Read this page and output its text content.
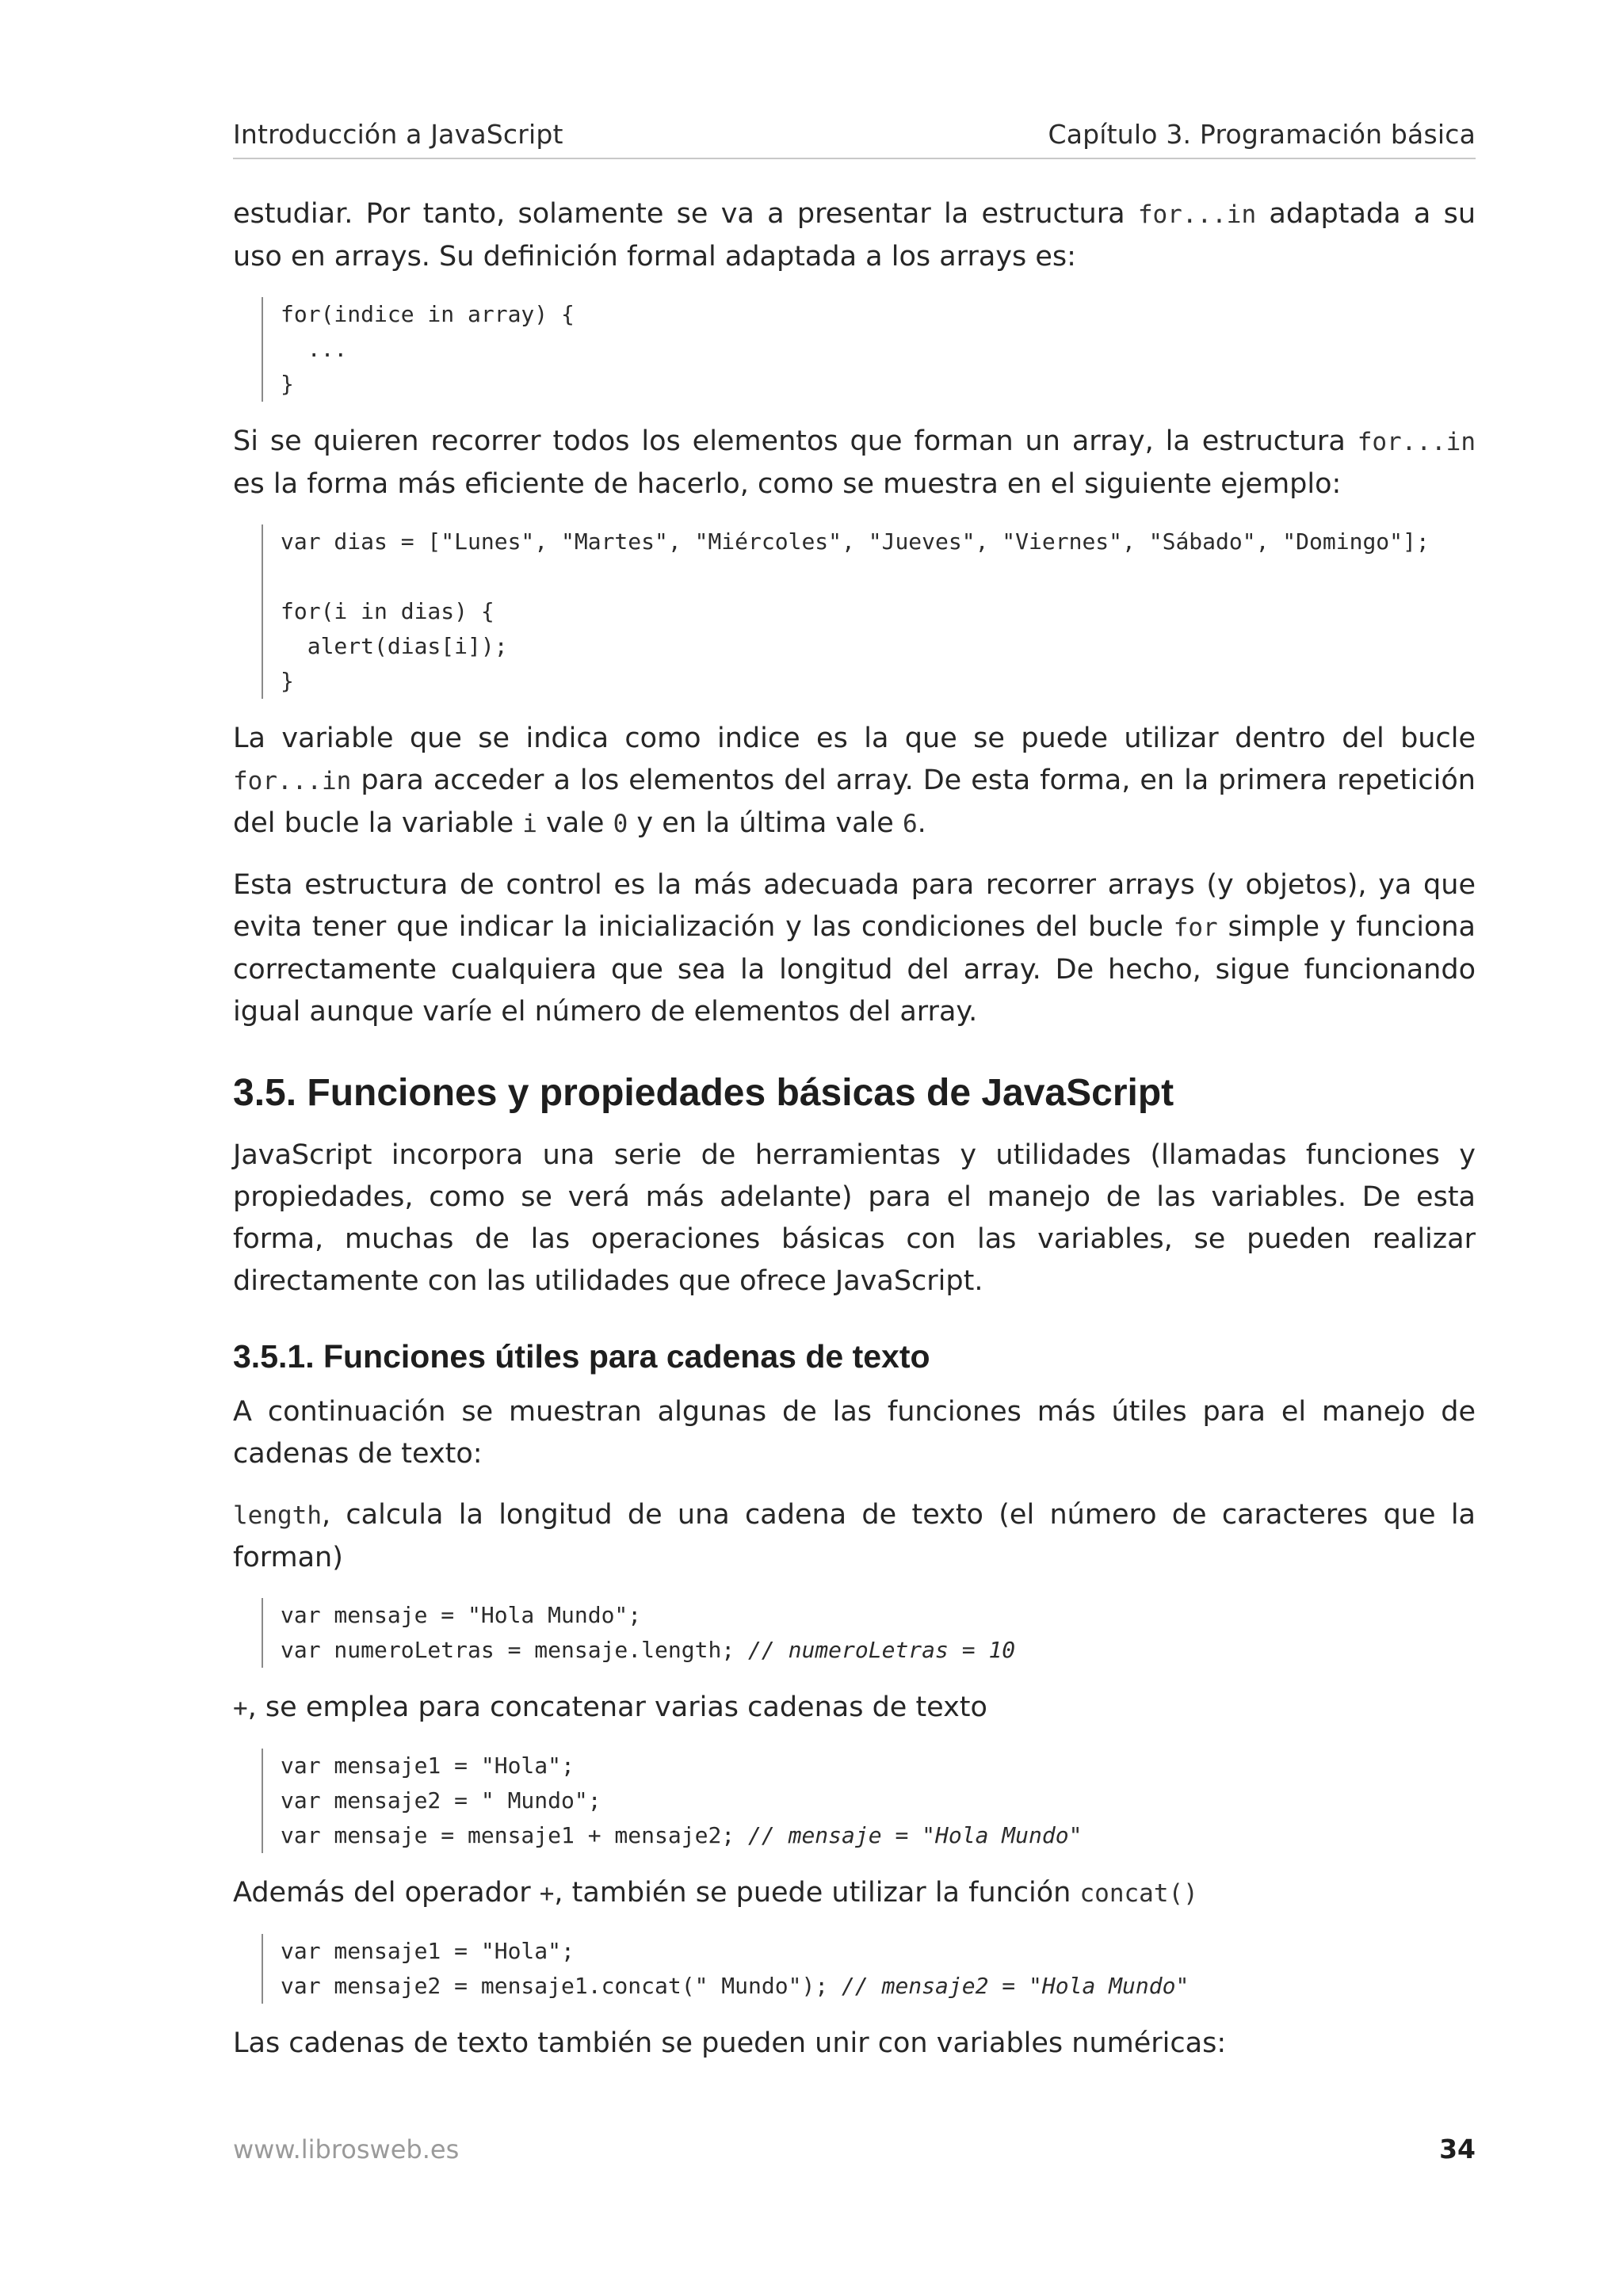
Introducción a JavaScript	Capítulo 3. Programación básica

estudiar. Por tanto, solamente se va a presentar la estructura for...in adaptada a su uso en arrays. Su definición formal adaptada a los arrays es:

for(indice in array) {
...
}

Si se quieren recorrer todos los elementos que forman un array, la estructura for...in es la forma más eficiente de hacerlo, como se muestra en el siguiente ejemplo:

var dias = ["Lunes", "Martes", "Miércoles", "Jueves", "Viernes", "Sábado", "Domingo"];

for(i in dias) {
alert(dias[i]);
}

La variable que se indica como indice es la que se puede utilizar dentro del bucle for...in para acceder a los elementos del array. De esta forma, en la primera repetición del bucle la variable i vale 0 y en la última vale 6.

Esta estructura de control es la más adecuada para recorrer arrays (y objetos), ya que evita tener que indicar la inicialización y las condiciones del bucle for simple y funciona correctamente cualquiera que sea la longitud del array. De hecho, sigue funcionando igual aunque varíe el número de elementos del array.

3.5. Funciones y propiedades básicas de JavaScript

JavaScript incorpora una serie de herramientas y utilidades (llamadas funciones y propiedades, como se verá más adelante) para el manejo de las variables. De esta forma, muchas de las operaciones básicas con las variables, se pueden realizar directamente con las utilidades que ofrece JavaScript.

3.5.1. Funciones útiles para cadenas de texto

A continuación se muestran algunas de las funciones más útiles para el manejo de cadenas de texto:

length, calcula la longitud de una cadena de texto (el número de caracteres que la forman)

var mensaje = "Hola Mundo";
var numeroLetras = mensaje.length; // numeroLetras = 10

+, se emplea para concatenar varias cadenas de texto

var mensaje1 = "Hola";
var mensaje2 = " Mundo";
var mensaje = mensaje1 + mensaje2; // mensaje = "Hola Mundo"

Además del operador +, también se puede utilizar la función concat()

var mensaje1 = "Hola";
var mensaje2 = mensaje1.concat(" Mundo"); // mensaje2 = "Hola Mundo"

Las cadenas de texto también se pueden unir con variables numéricas:

www.librosweb.es	34
